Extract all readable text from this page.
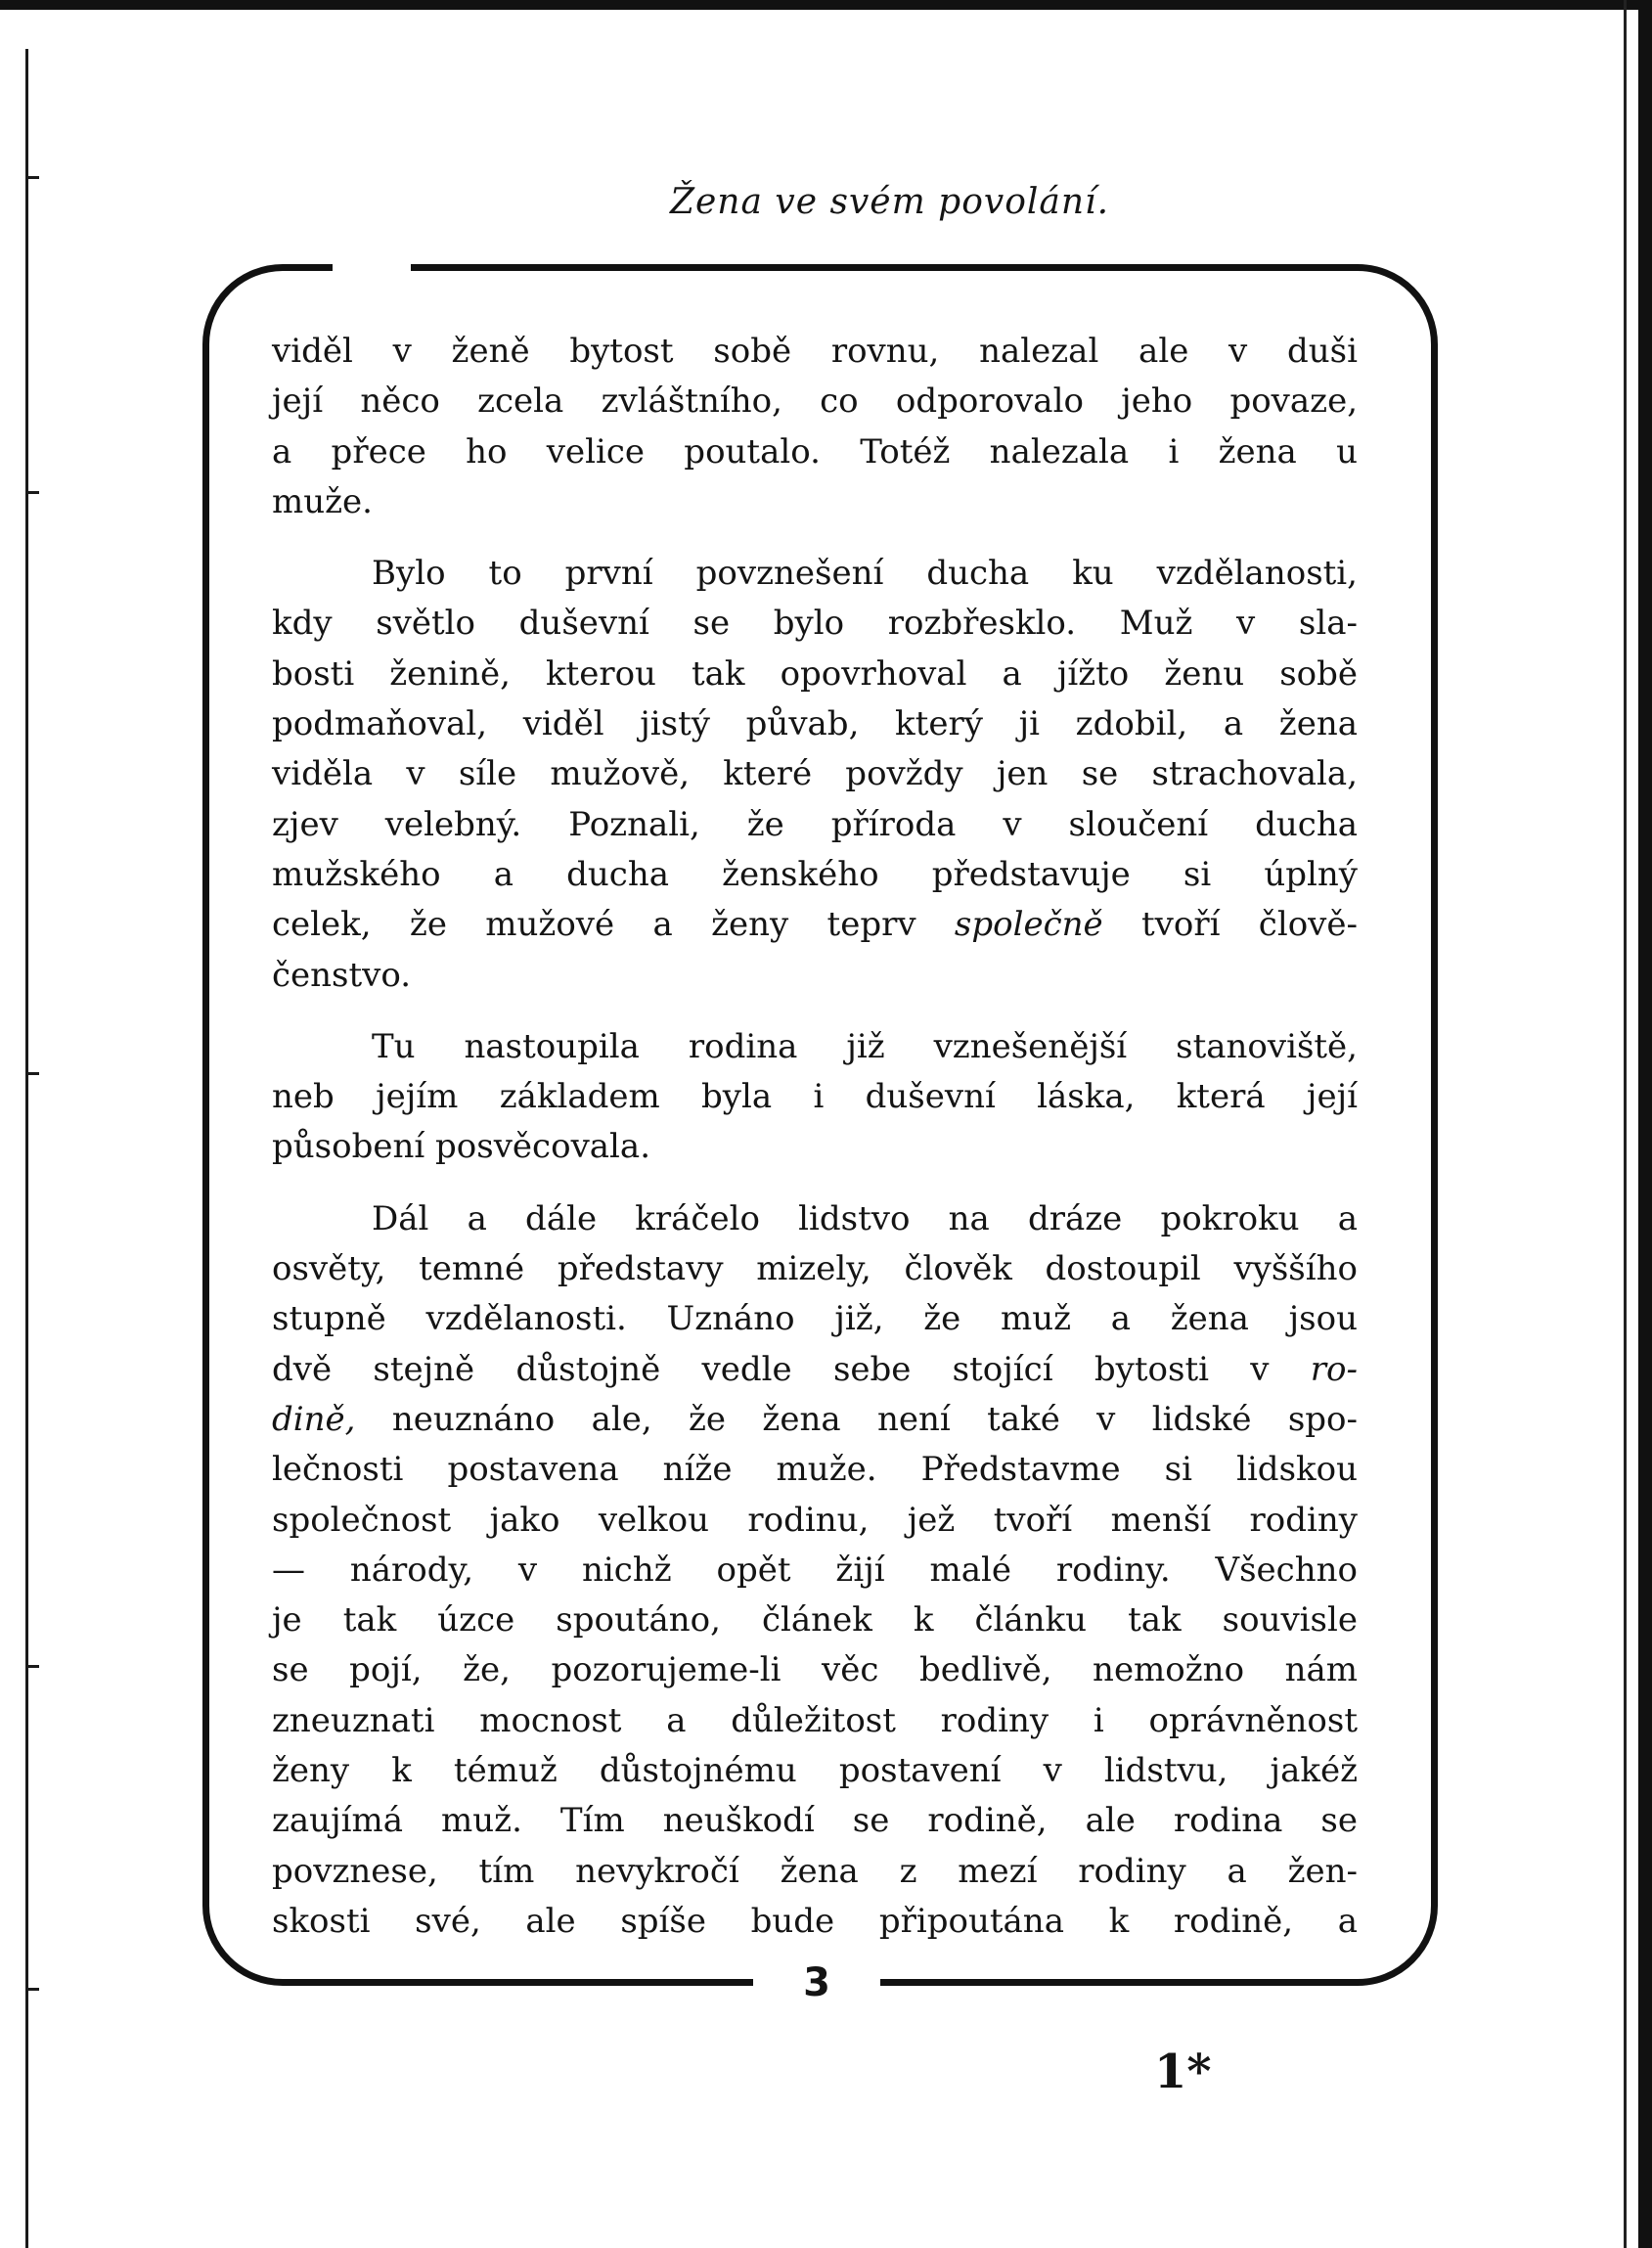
Žena ve svém povolání.

viděl v ženě bytost sobě rovnu, nalezal ale v duši
její něco zcela zvláštního, co odporovalo jeho povaze,
a přece ho velice poutalo. Totéž nalezala i žena u
muže.

Bylo to první povznešení ducha ku vzdělanosti,
kdy světlo duševní se bylo rozbřesklo. Muž v sla-
bosti ženině, kterou tak opovrhoval a jížto ženu sobě
podmaňoval, viděl jistý půvab, který ji zdobil, a žena
viděla v síle mužově, které povždy jen se strachovala,
zjev velebný. Poznali, že příroda v sloučení ducha
mužského a ducha ženského představuje si úplný
celek, že mužové a ženy teprv společně tvoří člově-
čenstvo.

Tu nastoupila rodina již vznešenější stanoviště,
neb jejím základem byla i duševní láska, která její
působení posvěcovala.

Dál a dále kráčelo lidstvo na dráze pokroku a
osvěty, temné představy mizely, člověk dostoupil vyššího
stupně vzdělanosti. Uznáno již, že muž a žena jsou
dvě stejně důstojně vedle sebe stojící bytosti v ro-
dině, neuznáno ale, že žena není také v lidské spo-
lečnosti postavena níže muže. Představme si lidskou
společnost jako velkou rodinu, jež tvoří menší rodiny
— národy, v nichž opět žijí malé rodiny. Všechno
je tak úzce spoutáno, článek k článku tak souvisle
se pojí, že, pozorujeme-li věc bedlivě, nemožno nám
zneuznati mocnost a důležitost rodiny i oprávněnost
ženy k témuž důstojnému postavení v lidstvu, jakéž
zaujímá muž. Tím neuškodí se rodině, ale rodina se
povznese, tím nevykročí žena z mezí rodiny a žen-
skosti své, ale spíše bude připoutána k rodině, a

3
1*
